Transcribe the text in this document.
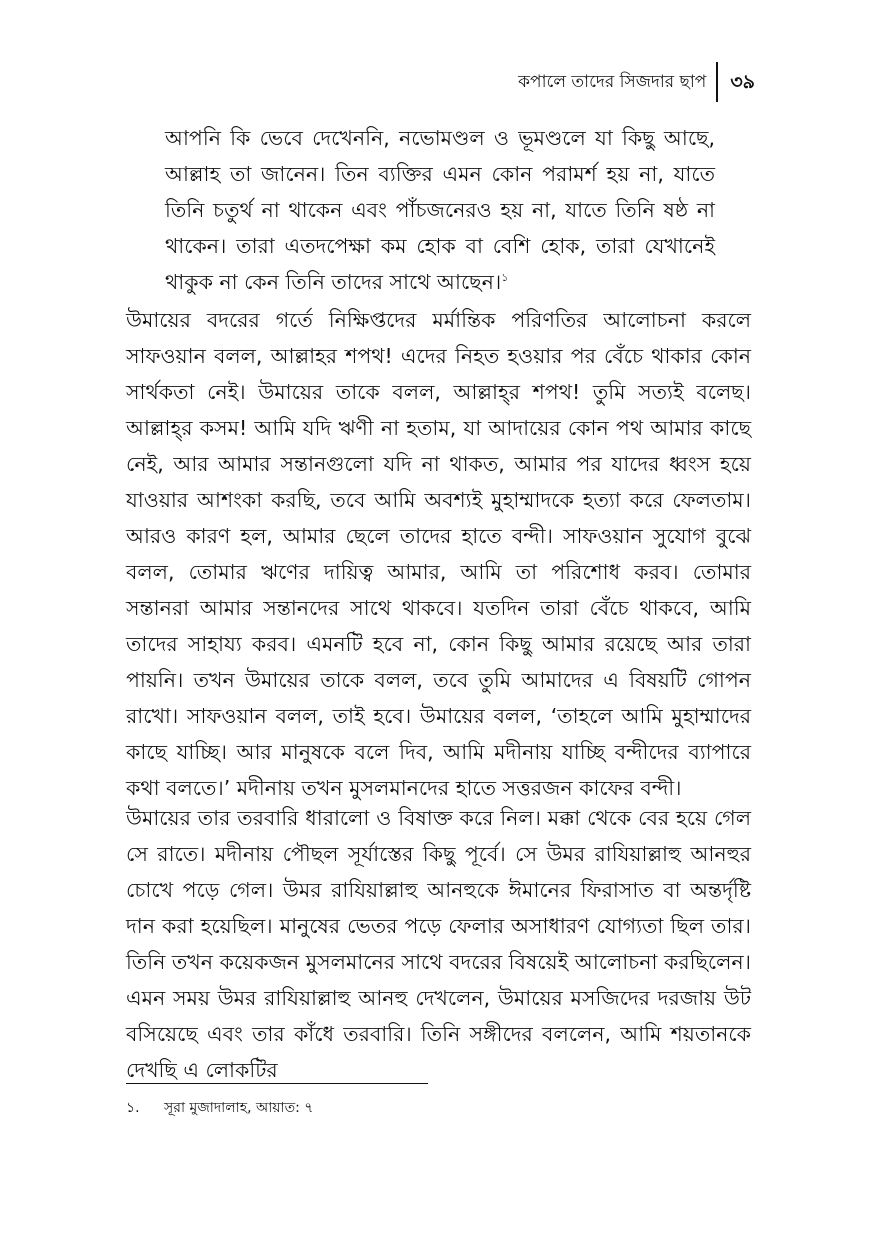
কপালে তাদের সিজদার ছাপ	৩৯

আপনি কি ভেবে দেখেননি, নভোমণ্ডল ও ভূমণ্ডলে যা কিছু আছে, আল্লাহ তা জানেন। তিন ব্যক্তির এমন কোন পরামর্শ হয় না, যাতে তিনি চতুর্থ না থাকেন এবং পাঁচজনেরও হয় না, যাতে তিনি ষষ্ঠ না থাকেন। তারা এতদপেক্ষা কম হোক বা বেশি হোক, তারা যেখানেই থাকুক না কেন তিনি তাদের সাথে আছেন।$^১$

উমায়ের বদরের গর্তে নিক্ষিপ্তদের মর্মান্তিক পরিণতির আলোচনা করলে সাফওয়ান বলল, আল্লাহর শপথ! এদের নিহত হওয়ার পর বেঁচে থাকার কোন সার্থকতা নেই। উমায়ের তাকে বলল, আল্লাহ্‌র শপথ! তুমি সত্যই বলেছ। আল্লাহ্‌র কসম! আমি যদি ঋণী না হতাম, যা আদায়ের কোন পথ আমার কাছে নেই, আর আমার সন্তানগুলো যদি না থাকত, আমার পর যাদের ধ্বংস হয়ে যাওয়ার আশংকা করছি, তবে আমি অবশ্যই মুহাম্মাদকে হত্যা করে ফেলতাম। আরও কারণ হল, আমার ছেলে তাদের হাতে বন্দী। সাফওয়ান সুযোগ বুঝে বলল, তোমার ঋণের দায়িত্ব আমার, আমি তা পরিশোধ করব। তোমার সন্তানরা আমার সন্তানদের সাথে থাকবে। যতদিন তারা বেঁচে থাকবে, আমি তাদের সাহায্য করব। এমনটি হবে না, কোন কিছু আমার রয়েছে আর তারা পায়নি। তখন উমায়ের তাকে বলল, তবে তুমি আমাদের এ বিষয়টি গোপন রাখো। সাফওয়ান বলল, তাই হবে। উমায়ের বলল, ‘তাহলে আমি মুহাম্মাদের কাছে যাচ্ছি। আর মানুষকে বলে দিব, আমি মদীনায় যাচ্ছি বন্দীদের ব্যাপারে কথা বলতে।’ মদীনায় তখন মুসলমানদের হাতে সত্তরজন কাফের বন্দী।

উমায়ের তার তরবারি ধারালো ও বিষাক্ত করে নিল। মক্কা থেকে বের হয়ে গেল সে রাতে। মদীনায় পৌছল সূর্যাস্তের কিছু পূর্বে। সে উমর রাযিয়াল্লাহু আনহুর চোখে পড়ে গেল। উমর রাযিয়াল্লাহু আনহুকে ঈমানের ফিরাসাত বা অন্তর্দৃষ্টি দান করা হয়েছিল। মানুষের ভেতর পড়ে ফেলার অসাধারণ যোগ্যতা ছিল তার। তিনি তখন কয়েকজন মুসলমানের সাথে বদরের বিষয়েই আলোচনা করছিলেন। এমন সময় উমর রাযিয়াল্লাহু আনহু দেখলেন, উমায়ের মসজিদের দরজায় উট বসিয়েছে এবং তার কাঁধে তরবারি। তিনি সঙ্গীদের বললেন, আমি শয়তানকে দেখছি এ লোকটির

১.	সূরা মুজাদালাহ, আয়াত: ৭
